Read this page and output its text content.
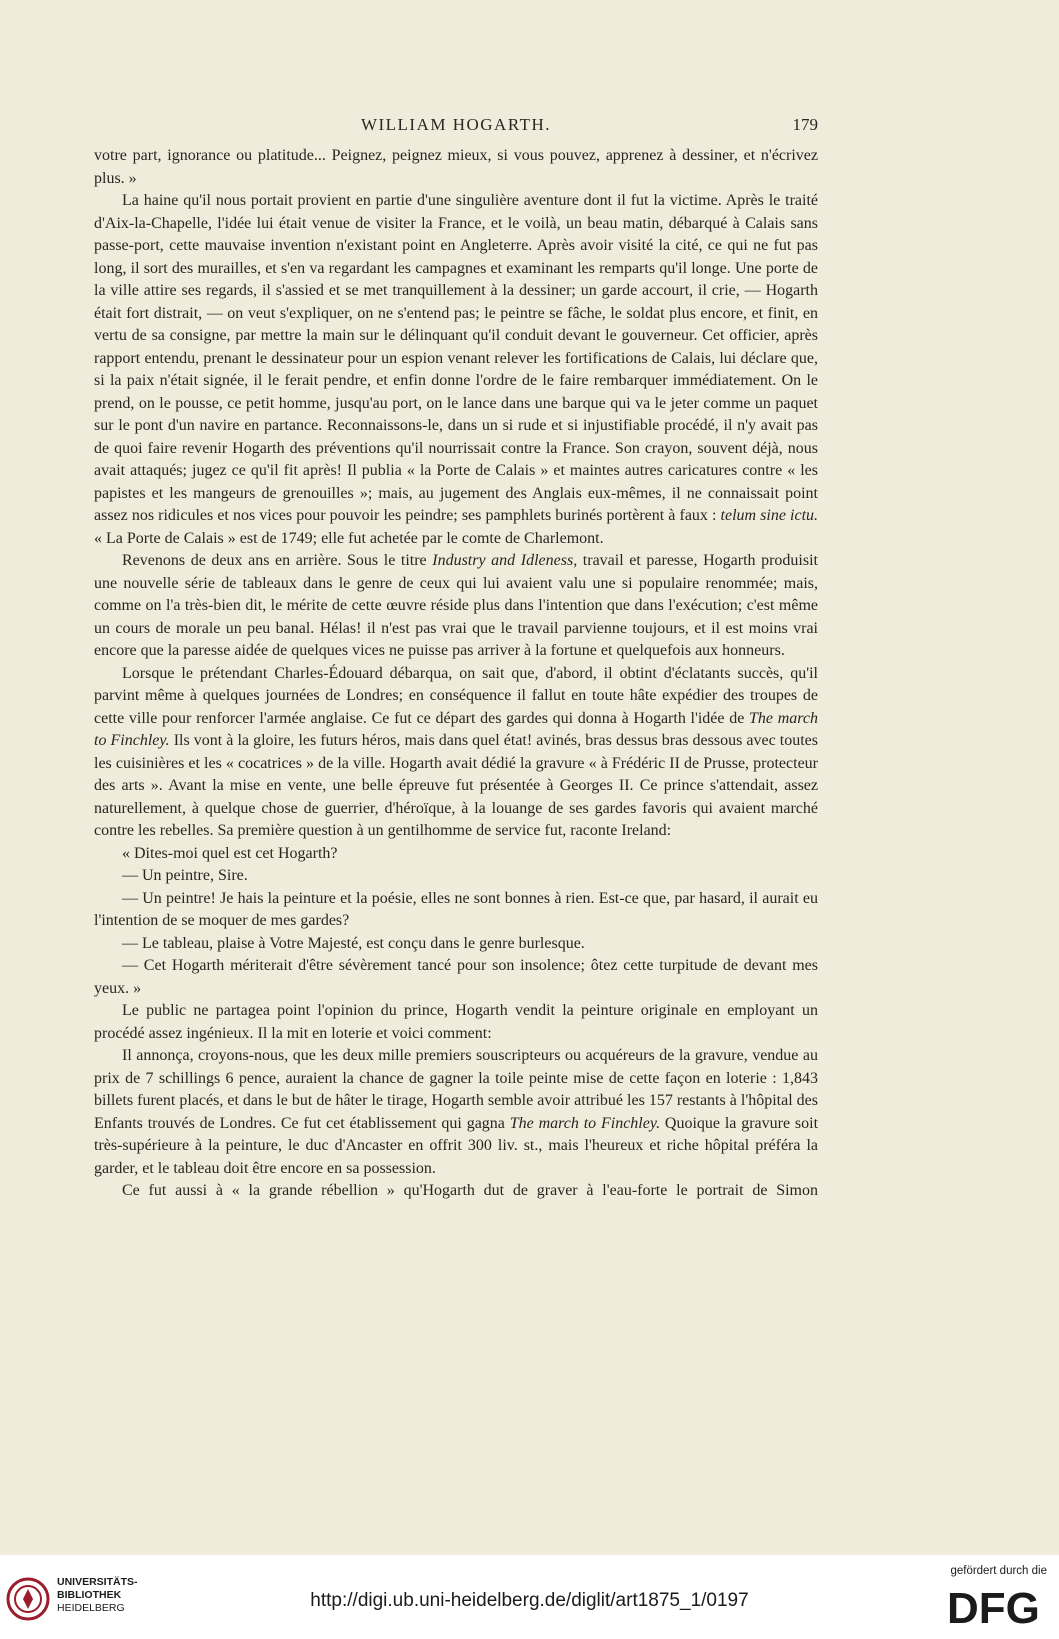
WILLIAM HOGARTH.	179

votre part, ignorance ou platitude... Peignez, peignez mieux, si vous pouvez, apprenez à dessiner, et n'écrivez plus. »

La haine qu'il nous portait provient en partie d'une singulière aventure dont il fut la victime. Après le traité d'Aix-la-Chapelle, l'idée lui était venue de visiter la France, et le voilà, un beau matin, débarqué à Calais sans passe-port, cette mauvaise invention n'existant point en Angleterre. Après avoir visité la cité, ce qui ne fut pas long, il sort des murailles, et s'en va regardant les campagnes et examinant les remparts qu'il longe. Une porte de la ville attire ses regards, il s'assied et se met tranquillement à la dessiner; un garde accourt, il crie, — Hogarth était fort distrait, — on veut s'expliquer, on ne s'entend pas; le peintre se fâche, le soldat plus encore, et finit, en vertu de sa consigne, par mettre la main sur le délinquant qu'il conduit devant le gouverneur. Cet officier, après rapport entendu, prenant le dessinateur pour un espion venant relever les fortifications de Calais, lui déclare que, si la paix n'était signée, il le ferait pendre, et enfin donne l'ordre de le faire rembarquer immédiatement. On le prend, on le pousse, ce petit homme, jusqu'au port, on le lance dans une barque qui va le jeter comme un paquet sur le pont d'un navire en partance. Reconnaissons-le, dans un si rude et si injustifiable procédé, il n'y avait pas de quoi faire revenir Hogarth des préventions qu'il nourrissait contre la France. Son crayon, souvent déjà, nous avait attaqués; jugez ce qu'il fit après! Il publia « la Porte de Calais » et maintes autres caricatures contre « les papistes et les mangeurs de grenouilles »; mais, au jugement des Anglais eux-mêmes, il ne connaissait point assez nos ridicules et nos vices pour pouvoir les peindre; ses pamphlets burinés portèrent à faux : telum sine ictu. « La Porte de Calais » est de 1749; elle fut achetée par le comte de Charlemont.

Revenons de deux ans en arrière. Sous le titre Industry and Idleness, travail et paresse, Hogarth produisit une nouvelle série de tableaux dans le genre de ceux qui lui avaient valu une si populaire renommée; mais, comme on l'a très-bien dit, le mérite de cette œuvre réside plus dans l'intention que dans l'exécution; c'est même un cours de morale un peu banal. Hélas! il n'est pas vrai que le travail parvienne toujours, et il est moins vrai encore que la paresse aidée de quelques vices ne puisse pas arriver à la fortune et quelquefois aux honneurs.

Lorsque le prétendant Charles-Édouard débarqua, on sait que, d'abord, il obtint d'éclatants succès, qu'il parvint même à quelques journées de Londres; en conséquence il fallut en toute hâte expédier des troupes de cette ville pour renforcer l'armée anglaise. Ce fut ce départ des gardes qui donna à Hogarth l'idée de The march to Finchley. Ils vont à la gloire, les futurs héros, mais dans quel état! avinés, bras dessus bras dessous avec toutes les cuisinières et les « cocatrices » de la ville. Hogarth avait dédié la gravure « à Frédéric II de Prusse, protecteur des arts ». Avant la mise en vente, une belle épreuve fut présentée à Georges II. Ce prince s'attendait, assez naturellement, à quelque chose de guerrier, d'héroïque, à la louange de ses gardes favoris qui avaient marché contre les rebelles. Sa première question à un gentilhomme de service fut, raconte Ireland:

« Dites-moi quel est cet Hogarth?

— Un peintre, Sire.

— Un peintre! Je hais la peinture et la poésie, elles ne sont bonnes à rien. Est-ce que, par hasard, il aurait eu l'intention de se moquer de mes gardes?

— Le tableau, plaise à Votre Majesté, est conçu dans le genre burlesque.

— Cet Hogarth mériterait d'être sévèrement tancé pour son insolence; ôtez cette turpitude de devant mes yeux. »

Le public ne partagea point l'opinion du prince, Hogarth vendit la peinture originale en employant un procédé assez ingénieux. Il la mit en loterie et voici comment:

Il annonça, croyons-nous, que les deux mille premiers souscripteurs ou acquéreurs de la gravure, vendue au prix de 7 schillings 6 pence, auraient la chance de gagner la toile peinte mise de cette façon en loterie : 1,843 billets furent placés, et dans le but de hâter le tirage, Hogarth semble avoir attribué les 157 restants à l'hôpital des Enfants trouvés de Londres. Ce fut cet établissement qui gagna The march to Finchley. Quoique la gravure soit très-supérieure à la peinture, le duc d'Ancaster en offrit 300 liv. st., mais l'heureux et riche hôpital préféra la garder, et le tableau doit être encore en sa possession.

Ce fut aussi à « la grande rébellion » qu'Hogarth dut de graver à l'eau-forte le portrait de Simon

UNIVERSITÄTS-
BIBLIOTHEK
HEIDELBERG	http://digi.ub.uni-heidelberg.de/diglit/art1875_1/0197
gefördert durch die
DFG
